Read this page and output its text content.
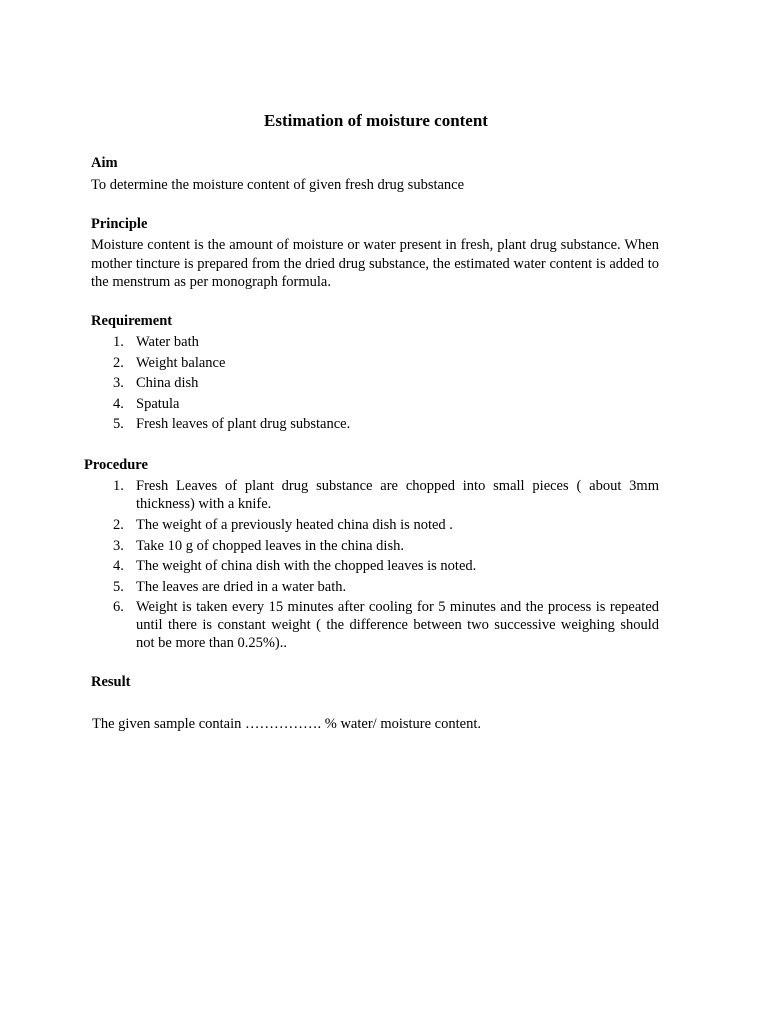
Estimation of moisture content
Aim

To determine the moisture content of given fresh drug substance

Principle

Moisture content is the amount of moisture or water present in fresh, plant drug substance. When mother tincture is prepared from the dried drug substance, the estimated water content is added to the menstrum as per monograph formula.

Requirement
1. Water bath
2. Weight balance
3. China dish
4. Spatula
5. Fresh leaves of plant drug substance.
Procedure
1. Fresh Leaves of plant drug substance are chopped into small pieces ( about 3mm thickness) with a knife.
2. The weight of a previously heated china dish is noted .
3. Take 10 g of chopped leaves in the china dish.
4. The weight of china dish with the chopped leaves is noted.
5. The leaves are dried in a water bath.
6. Weight is taken every 15 minutes after cooling for 5 minutes and the process is repeated until there is constant weight ( the difference between two successive weighing should not be more than 0.25%)..
Result

The given sample contain ……………. % water/ moisture content.
